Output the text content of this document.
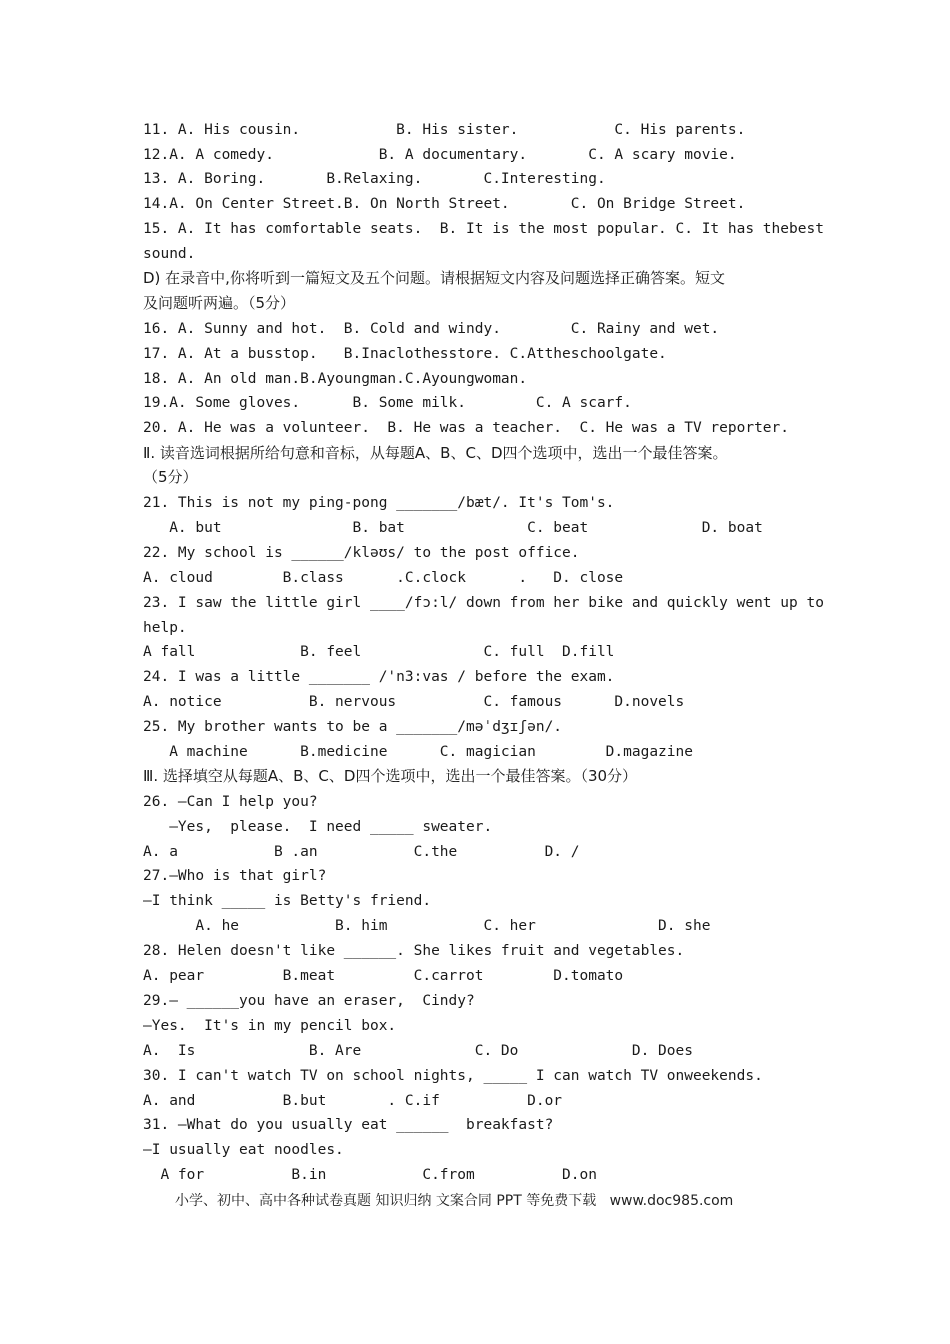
11. A. His cousin.           B. His sister.           C. His parents.
12.A. A comedy.            B. A documentary.       C. A scary movie.
13. A. Boring.       B.Relaxing.       C.Interesting.
14.A. On Center Street.B. On North Street.       C. On Bridge Street.
15. A. It has comfortable seats.  B. It is the most popular. C. It has thebest
sound.
D) 在录音中,你将听到一篇短文及五个问题。请根据短文内容及问题选择正确答案。短文
及问题听两遍。（5分）
16. A. Sunny and hot.  B. Cold and windy.        C. Rainy and wet.
17. A. At a busstop.   B.Inaclothesstore. C.Attheschoolgate.
18. A. An old man.B.Ayoungman.C.Ayoungwoman.
19.A. Some gloves.      B. Some milk.        C. A scarf.
20. A. He was a volunteer.  B. He was a teacher.  C. He was a TV reporter.
Ⅱ. 读音选词根据所给句意和音标，从每题A、B、C、D四个选项中，选出一个最佳答案。
（5分）
21. This is not my ping-pong _______/bæt/. It's Tom's.
A. but               B. bat              C. beat             D. boat
22. My school is ______/kləʊs/ to the post office.
A. cloud        B.class      .C.clock      .   D. close
23. I saw the little girl ____/fɔ:l/ down from her bike and quickly went up to
help.
A fall            B. feel              C. full  D.fill
24. I was a little _______ /'n3:vas / before the exam.
A. notice          B. nervous          C. famous      D.novels
25. My brother wants to be a _______/məˈdʒɪʃən/.
A machine      B.medicine      C. magician        D.magazine
Ⅲ. 选择填空从每题A、B、C、D四个选项中，选出一个最佳答案。（30分）
26. —Can I help you?
—Yes,  please.  I need _____ sweater.
A. a           B .an           C.the          D. /
27.—Who is that girl?
—I think _____ is Betty's friend.
A. he           B. him           C. her              D. she
28. Helen doesn't like ______. She likes fruit and vegetables.
A. pear         B.meat         C.carrot        D.tomato
29.— ______you have an eraser,  Cindy?
—Yes.  It's in my pencil box.
A.  Is             B. Are             C. Do             D. Does
30. I can't watch TV on school nights, _____ I can watch TV onweekends.
A. and          B.but       . C.if          D.or
31. —What do you usually eat ______  breakfast?
—I usually eat noodles.
A for          B.in           C.from          D.on
小学、初中、高中各种试卷真题 知识归纳 文案合同 PPT 等免费下载   www.doc985.com
